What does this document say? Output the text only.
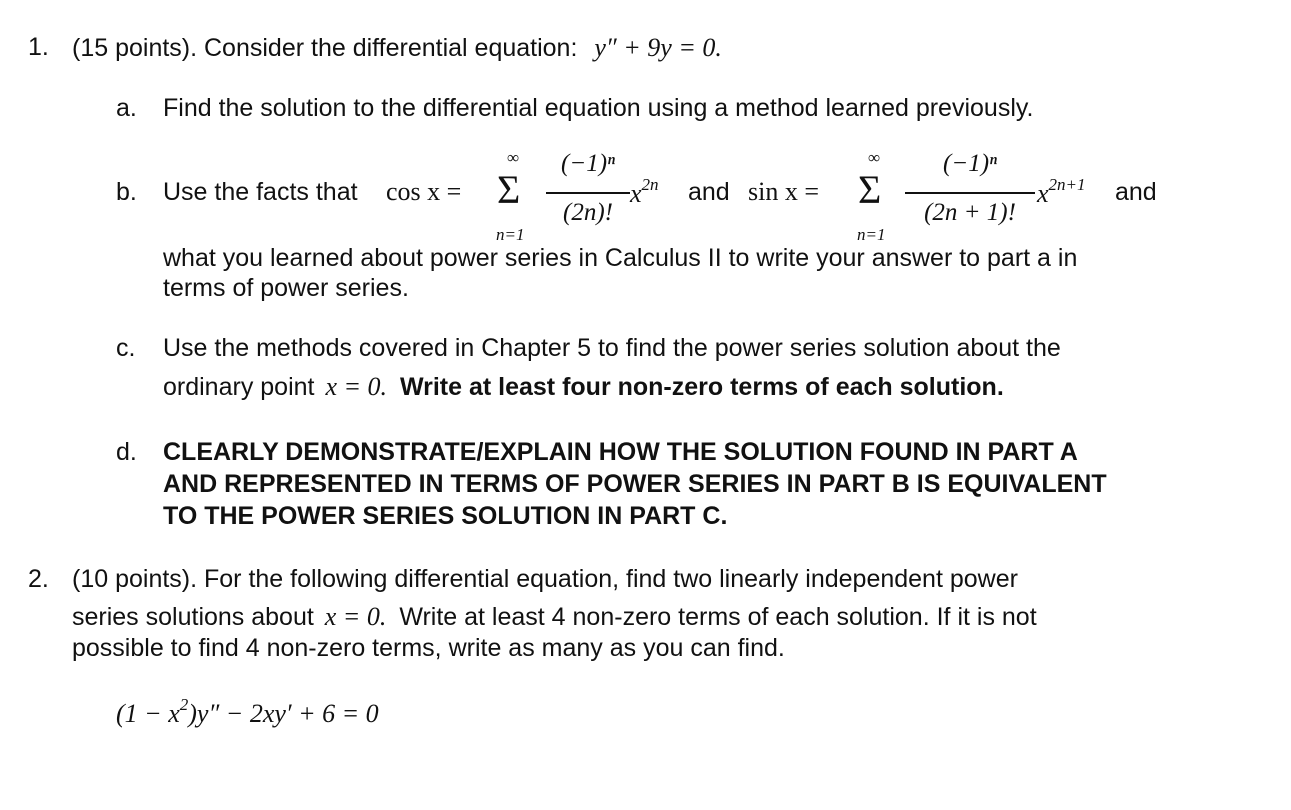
1. (15 points). Consider the differential equation: y″ + 9y = 0.
a. Find the solution to the differential equation using a method learned previously.
b. Use the facts that cos x =
∞
Σ
n=1
(−1)ⁿ
(2n)!
$x^{2n}$ and sin x =
∞
Σ
n=1
(−1)ⁿ
(2n + 1)!
$x^{2n+1}$ and
what you learned about power series in Calculus II to write your answer to part a in
terms of power series.
c. Use the methods covered in Chapter 5 to find the power series solution about the
ordinary point x = 0. Write at least four non-zero terms of each solution.
d. CLEARLY DEMONSTRATE/EXPLAIN HOW THE SOLUTION FOUND IN PART A
AND REPRESENTED IN TERMS OF POWER SERIES IN PART B IS EQUIVALENT
TO THE POWER SERIES SOLUTION IN PART C.
2. (10 points). For the following differential equation, find two linearly independent power
series solutions about x = 0. Write at least 4 non-zero terms of each solution. If it is not
possible to find 4 non-zero terms, write as many as you can find.
$(1 - x^2)y'' - 2xy' + 6 = 0$
